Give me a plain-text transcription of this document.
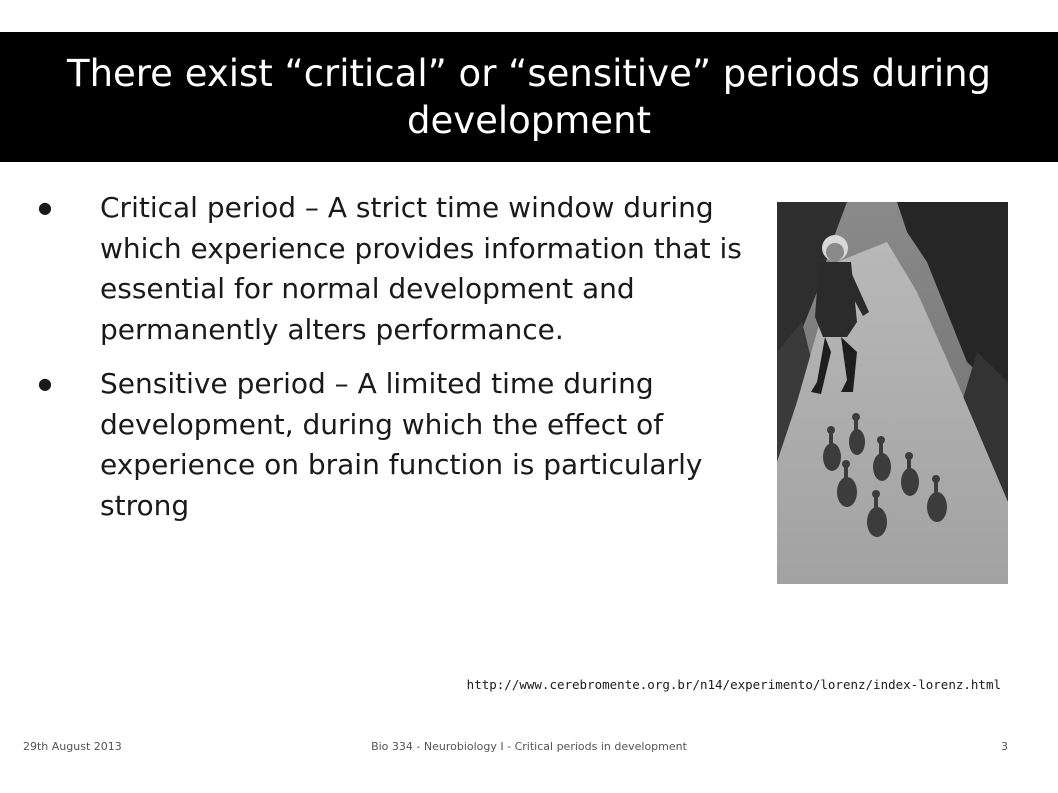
There exist “critical” or “sensitive” periods during development
● Critical period – A strict time window during which experience provides information that is essential for normal development and permanently alters performance.
● Sensitive period – A limited time during development, during which the effect of experience on brain function is particularly strong
http://www.cerebromente.org.br/n14/experimento/lorenz/index-lorenz.html
29th August 2013	Bio 334 - Neurobiology I - Critical periods in development	3
